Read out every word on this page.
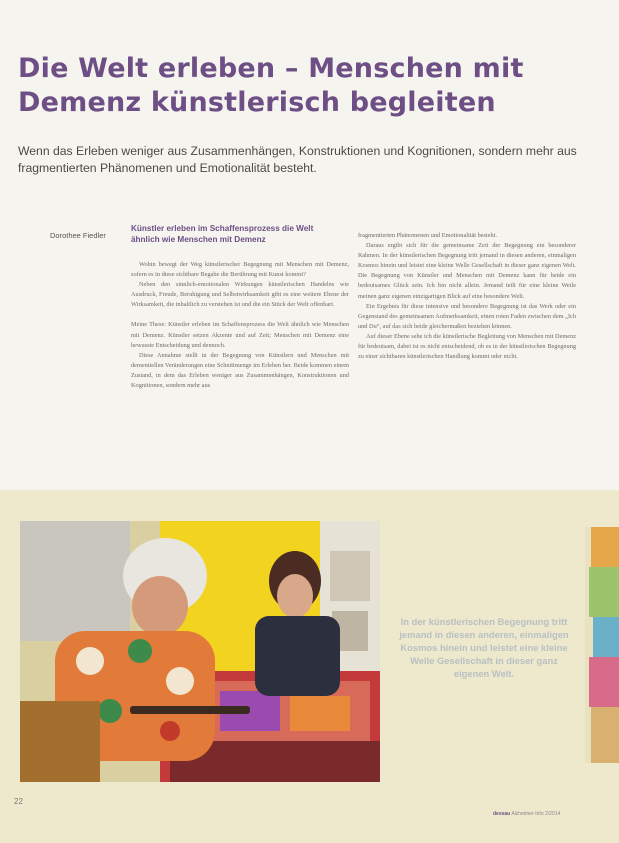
Die Welt erleben – Menschen mit Demenz künstlerisch begleiten
Wenn das Erleben weniger aus Zusammenhängen, Konstruktionen und Kognitionen, sondern mehr aus fragmentierten Phänomenen und Emotionalität besteht.
Dorothee Fiedler
Künstler erleben im Schaffensprozess die Welt ähnlich wie Menschen mit Demenz

Wohin bewegt der Weg künstlerischer Begegnung mit Menschen mit Demenz, sofern es in diese sichtbare Begabe die Berührung mit Kunst kommt?

Neben den sinnlich-emotionalen Wirkungen künstlerischen Handelns wie Ausdruck, Freude, Beruhigung und Selbstwirksamkeit gibt es eine weitere Ebene der Wirksamkeit, die inhaltlich zu verstehen ist und die ein Stück der Welt offenbart.

Meine These: Künstler erleben im Schaffensprozess die Welt ähnlich wie Menschen mit Demenz. Künstler setzen Akzente und auf Zeit; Menschen mit Demenz eine bewusste Entscheidung und dennoch.

Diese Annahme stellt in der Begegnung von Künstlern und Menschen mit dementiellen Veränderungen eine Schnittmenge im Erleben her. Beide kommen einem Zustand, in dem das Erleben weniger aus Zusammenhängen, Konstruktionen und Kognitionen, sondern mehr aus

fragmentierten Phänomenen und Emotionalität besteht.

Daraus ergibt sich für die gemeinsame Zeit der Begegnung ein besonderer Rahmen. In der künstlerischen Begegnung tritt jemand in diesen anderen, einmaligen Kosmos hinein und leistet eine kleine Welle Gesellschaft in dieser ganz eigenen Welt. Die Begegnung von Künstler und Menschen mit Demenz kann für beide ein bedeutsames Glück sein. Ich bin nicht allein. Jemand teilt für eine kleine Weile meinen ganz eigenen einzigartigen Blick auf eine besondere Welt.

Ein Ergebnis für diese intensive und besondere Begegnung ist das Werk oder ein Gegenstand des gemeinsamen Aufmerksamkeit, einen roten Faden zwischen dem „Ich und Du“, auf das sich beide gleichermaßen beziehen können.

Auf dieser Ebene sehe ich die künstlerische Begleitung von Menschen mit Demenz für bedeutsam, dabei ist es nicht entscheidend, ob es in der künstlerischen Begegnung zu einer sichtbaren künstlerischen Handlung kommt oder nicht.

In der künstlerischen Begegnung tritt jemand in diesen anderen, einmaligen Kosmos hinein und leistet eine kleine Welle Gesellschaft in dieser ganz eigenen Welt.
22
dessau Alzheimer-Info 2/2014
